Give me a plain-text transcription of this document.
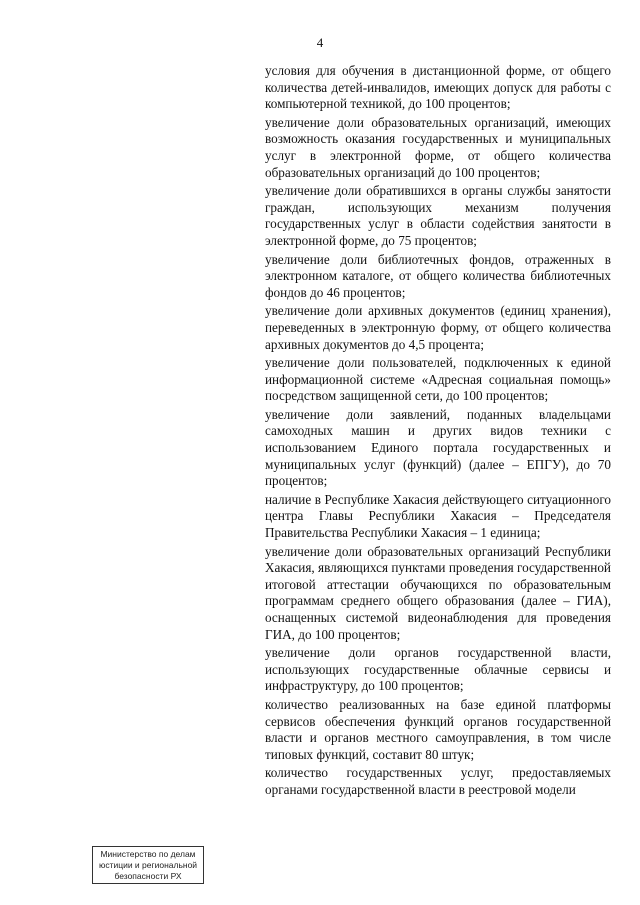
4

условия для обучения в дистанционной форме, от общего количества детей-инвалидов, имеющих допуск для работы с компьютерной техникой, до 100 процентов;

увеличение доли образовательных организаций, имеющих возможность оказания государственных и муниципальных услуг в электронной форме, от общего количества образовательных организаций до 100 процентов;

увеличение доли обратившихся в органы службы занятости граждан, использующих механизм получения государственных услуг в области содействия занятости в электронной форме, до 75 процентов;

увеличение доли библиотечных фондов, отраженных в электронном каталоге, от общего количества библиотечных фондов до 46 процентов;

увеличение доли архивных документов (единиц хранения), переведенных в электронную форму, от общего количества архивных документов до 4,5 процента;

увеличение доли пользователей, подключенных к единой информационной системе «Адресная социальная помощь» посредством защищенной сети, до 100 процентов;

увеличение доли заявлений, поданных владельцами самоходных машин и других видов техники с использованием Единого портала государственных и муниципальных услуг (функций) (далее – ЕПГУ), до 70 процентов;

наличие в Республике Хакасия действующего ситуационного центра Главы Республики Хакасия – Председателя Правительства Республики Хакасия – 1 единица;

увеличение доли образовательных организаций Республики Хакасия, являющихся пунктами проведения государственной итоговой аттестации обучающихся по образовательным программам среднего общего образования (далее – ГИА), оснащенных системой видеонаблюдения для проведения ГИА, до 100 процентов;

увеличение доли органов государственной власти, использующих государственные облачные сервисы и инфраструктуру, до 100 процентов;

количество реализованных на базе единой платформы сервисов обеспечения функций органов государственной власти и органов местного самоуправления, в том числе типовых функций, составит 80 штук;

количество государственных услуг, предоставляемых органами государственной власти в реестровой модели

Министерство по делам
юстиции и региональной
безопасности РХ
